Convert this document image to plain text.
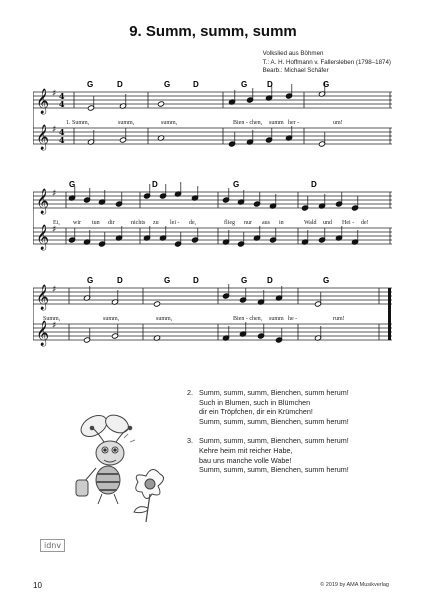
9. Summ, summ, summ
Volkslied aus Böhmen
T.: A. H. Hoffmann v. Fallersleben (1798–1874)
Bearb.: Michael Schäfer
G	D	G	D	G D	G
𝄞 ♯ 4
4
𝄞 ♯ 4
4
1. Summ,	summ,	summ,	Bien - chen, summ her -	um!
G	D	G	D
𝄞 ♯
𝄞 ♯
Ei, wir tun dir	nichts zu lei - de,	flieg nur aus in	Wald und Hei - de!
G	D	G	D	G D	G
𝄞 ♯
𝄞 ♯
Summ,	summ,	summ,	Bien - chen, summ he -	rum!
2. Summ, summ, summ, Bienchen, summ herum!
Such in Blumen, such in Blümchen
dir ein Tröpfchen, dir ein Krümchen!
Summ, summ, summ, Bienchen, summ herum!
3. Summ, summ, summ, Bienchen, summ herum!
Kehre heim mit reicher Habe,
bau uns manche volle Wabe!
Summ, summ, summ, Bienchen, summ herum!
idnv
10	© 2019 by AMA Musikverlag
